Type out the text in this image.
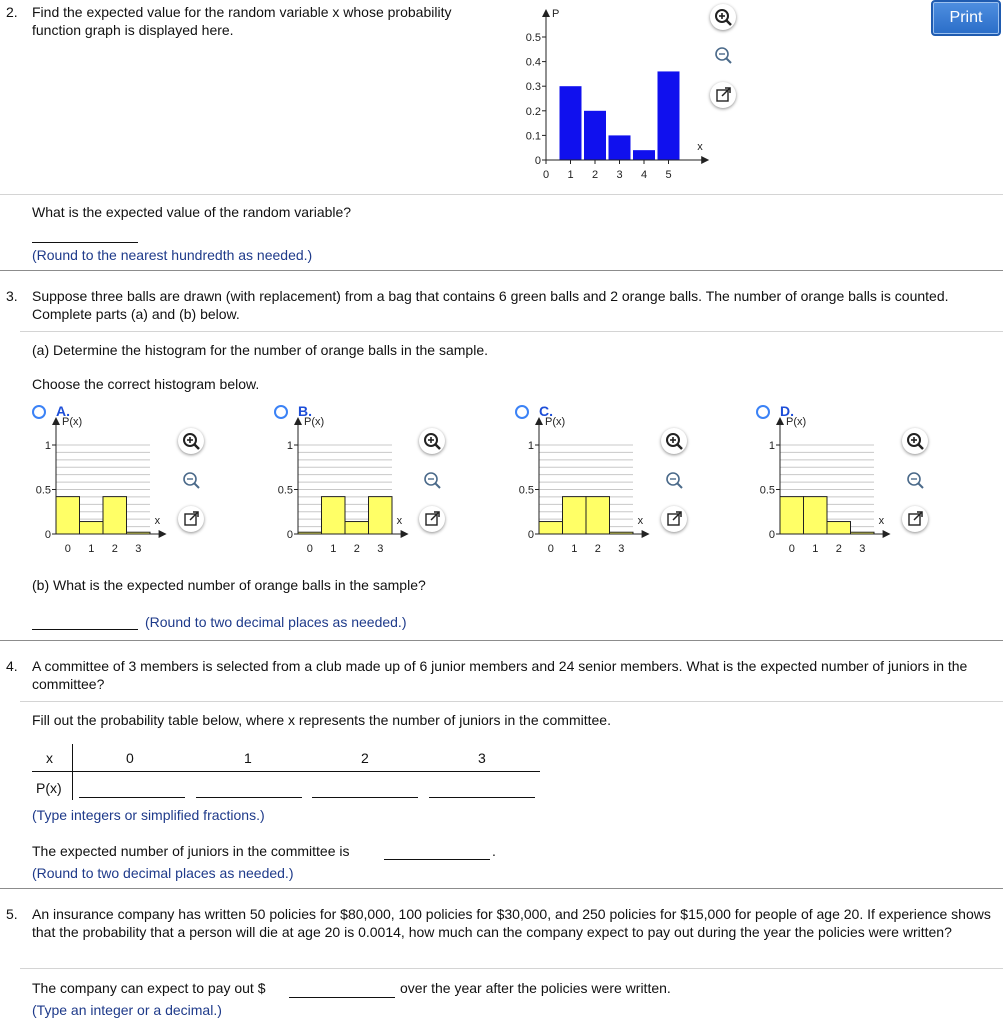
Print
2. Find the expected value for the random variable x whose probability function graph is displayed here.
P
x
0 1 2 3 4 5
0
0.1
0.2
0.3
0.4
0.5
What is the expected value of the random variable?
(Round to the nearest hundredth as needed.)
3. Suppose three balls are drawn (with replacement) from a bag that contains 6 green balls and 2 orange balls. The number of orange balls is counted. Complete parts (a) and (b) below.
(a) Determine the histogram for the number of orange balls in the sample.
Choose the correct histogram below.
A.
P(x)
x
0 1 2 3
0
0.5
1
B.
P(x)
x
0 1 2 3
0
0.5
1
C.
P(x)
x
0 1 2 3
0
0.5
1
D.
P(x)
x
0 1 2 3
0
0.5
1
(b) What is the expected number of orange balls in the sample?
(Round to two decimal places as needed.)
4. A committee of 3 members is selected from a club made up of 6 junior members and 24 senior members. What is the expected number of juniors in the committee?
Fill out the probability table below, where x represents the number of juniors in the committee.
x	0	1	2	3
P(x)
(Type integers or simplified fractions.)
The expected number of juniors in the committee is	.
(Round to two decimal places as needed.)
5. An insurance company has written 50 policies for $80,000, 100 policies for $30,000, and 250 policies for $15,000 for people of age 20. If experience shows that the probability that a person will die at age 20 is 0.0014, how much can the company expect to pay out during the year the policies were written?
The company can expect to pay out $	over the year after the policies were written.
(Type an integer or a decimal.)
